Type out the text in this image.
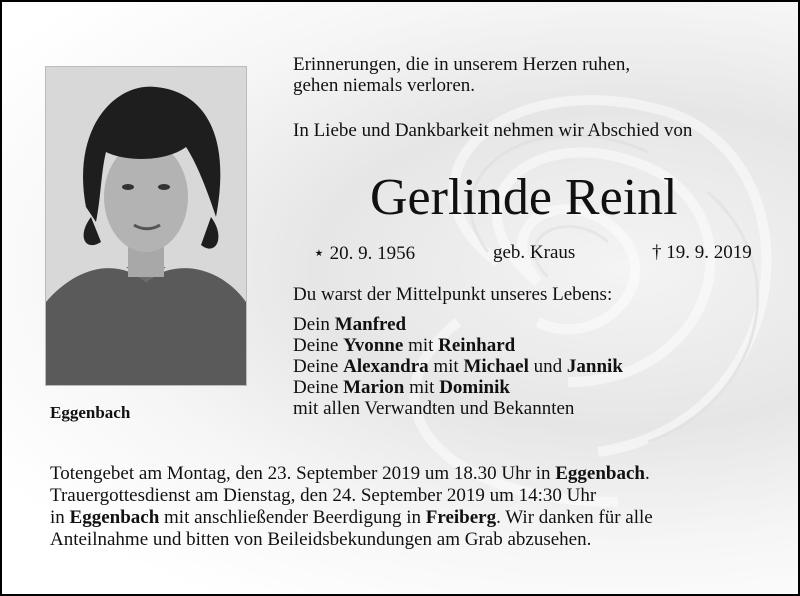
Erinnerungen, die in unserem Herzen ruhen,
gehen niemals verloren.
In Liebe und Dankbarkeit nehmen wir Abschied von
Gerlinde Reinl
⋆ 20. 9. 1956	geb. Kraus	† 19. 9. 2019
Du warst der Mittelpunkt unseres Lebens:
Dein Manfred
Deine Yvonne mit Reinhard
Deine Alexandra mit Michael und Jannik
Deine Marion mit Dominik
mit allen Verwandten und Bekannten
Eggenbach
Totengebet am Montag, den 23. September 2019 um 18.30 Uhr in Eggenbach.
Trauergottesdienst am Dienstag, den 24. September 2019 um 14:30 Uhr
in Eggenbach mit anschließender Beerdigung in Freiberg. Wir danken für alle
Anteilnahme und bitten von Beileidsbekundungen am Grab abzusehen.
